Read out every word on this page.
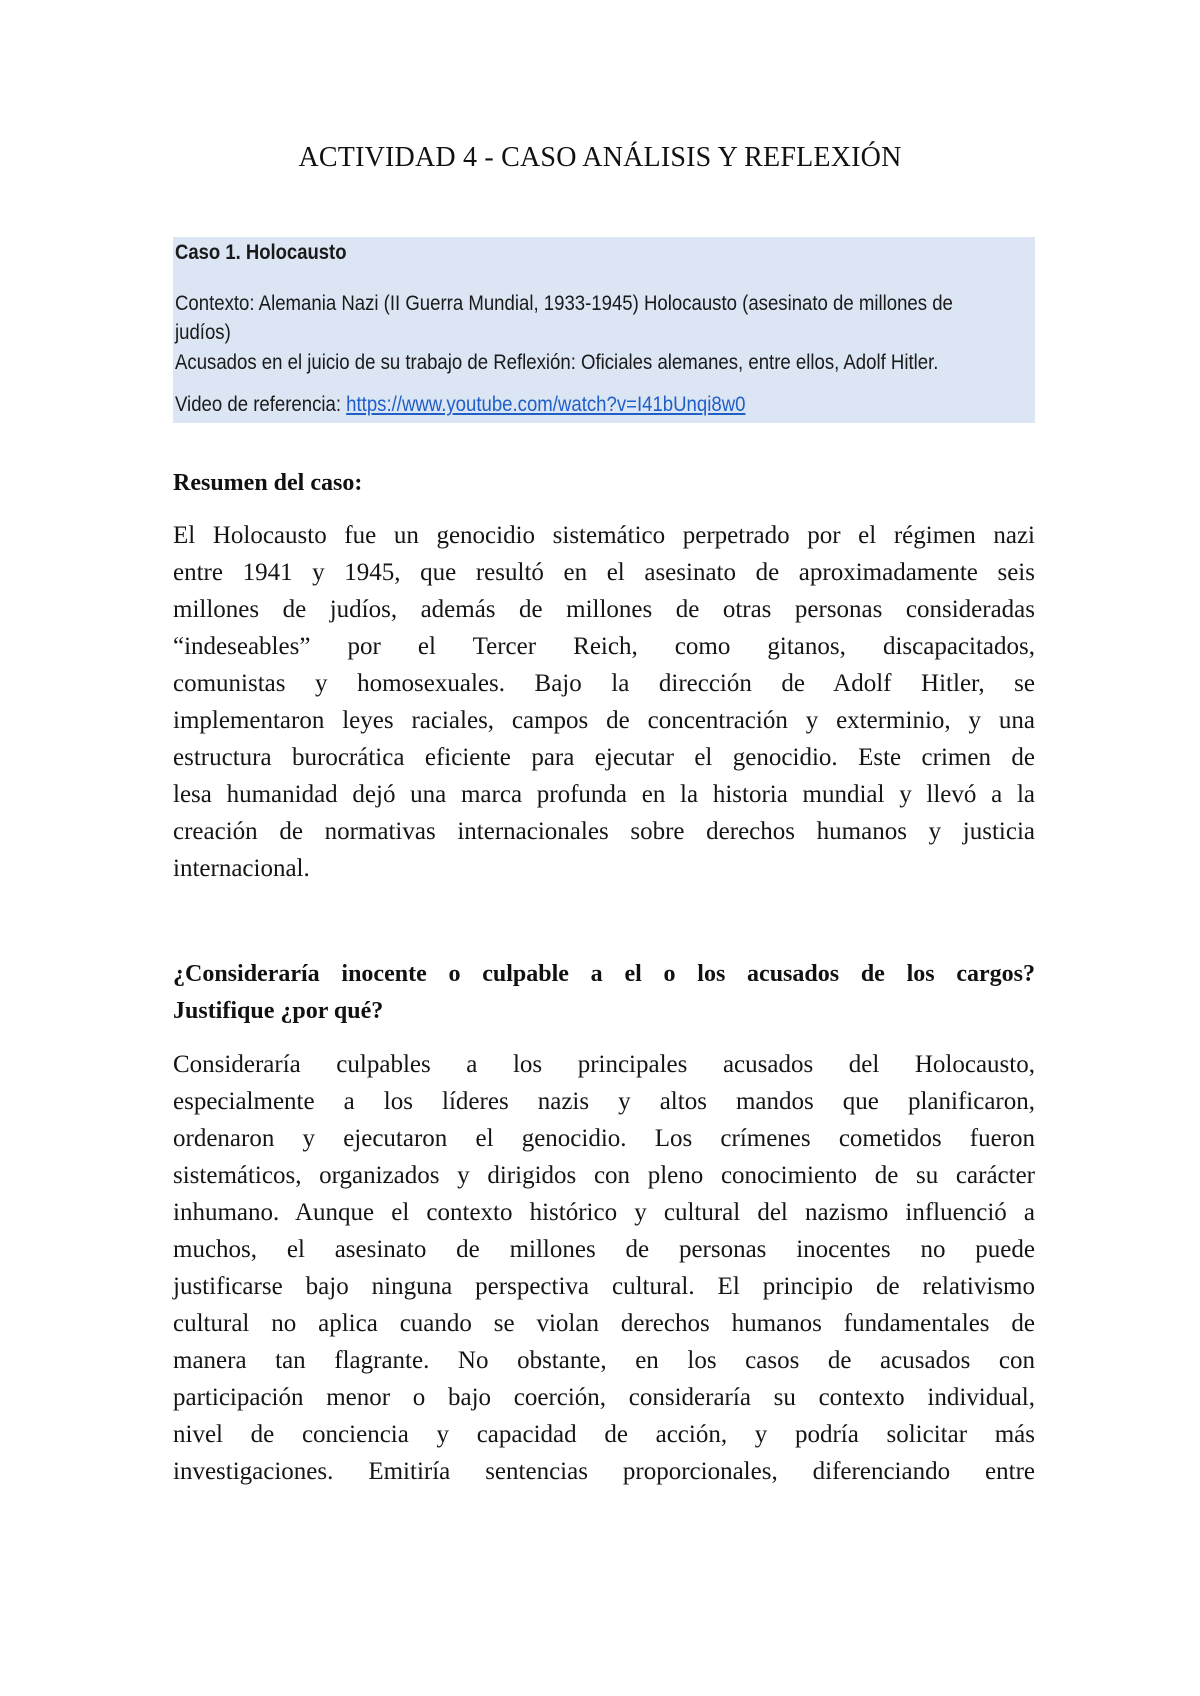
ACTIVIDAD 4 - CASO ANÁLISIS Y REFLEXIÓN
Caso 1. Holocausto
Contexto: Alemania Nazi (II Guerra Mundial, 1933-1945) Holocausto (asesinato de millones de
judíos)
Acusados en el juicio de su trabajo de Reflexión: Oficiales alemanes, entre ellos, Adolf Hitler.
Video de referencia: https://www.youtube.com/watch?v=I41bUnqi8w0
Resumen del caso:
El Holocausto fue un genocidio sistemático perpetrado por el régimen nazi
entre 1941 y 1945, que resultó en el asesinato de aproximadamente seis
millones de judíos, además de millones de otras personas consideradas
“indeseables” por el Tercer Reich, como gitanos, discapacitados,
comunistas y homosexuales. Bajo la dirección de Adolf Hitler, se
implementaron leyes raciales, campos de concentración y exterminio, y una
estructura burocrática eficiente para ejecutar el genocidio. Este crimen de
lesa humanidad dejó una marca profunda en la historia mundial y llevó a la
creación de normativas internacionales sobre derechos humanos y justicia
internacional.
¿Consideraría inocente o culpable a el o los acusados de los cargos?
Justifique ¿por qué?
Consideraría culpables a los principales acusados del Holocausto,
especialmente a los líderes nazis y altos mandos que planificaron,
ordenaron y ejecutaron el genocidio. Los crímenes cometidos fueron
sistemáticos, organizados y dirigidos con pleno conocimiento de su carácter
inhumano. Aunque el contexto histórico y cultural del nazismo influenció a
muchos, el asesinato de millones de personas inocentes no puede
justificarse bajo ninguna perspectiva cultural. El principio de relativismo
cultural no aplica cuando se violan derechos humanos fundamentales de
manera tan flagrante. No obstante, en los casos de acusados con
participación menor o bajo coerción, consideraría su contexto individual,
nivel de conciencia y capacidad de acción, y podría solicitar más
investigaciones. Emitiría sentencias proporcionales, diferenciando entre
